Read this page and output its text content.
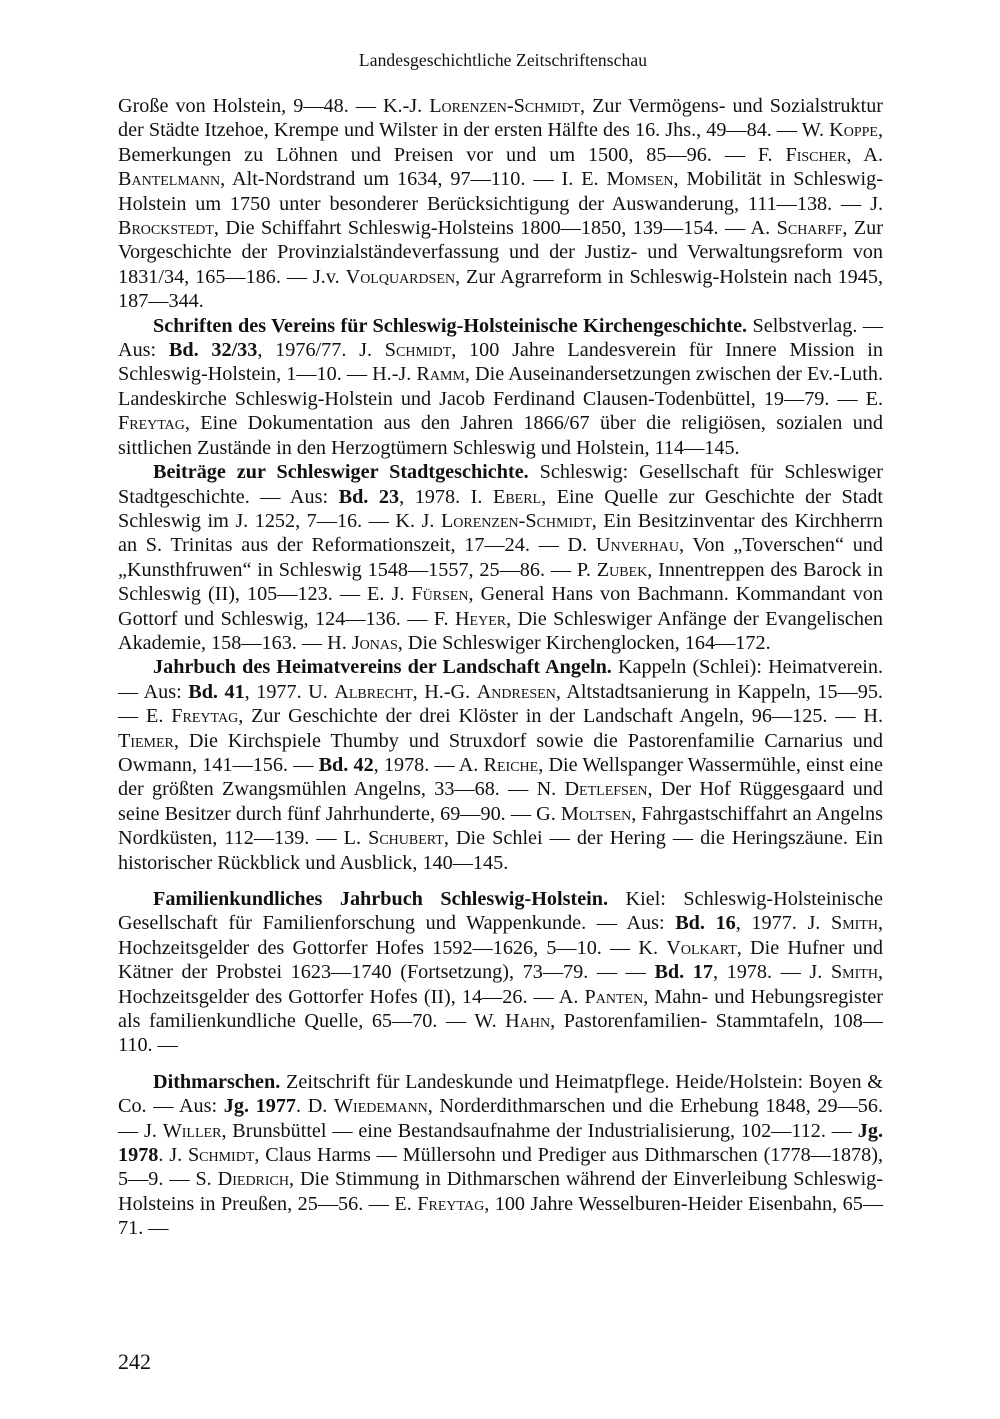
Landesgeschichtliche Zeitschriftenschau

Große von Holstein, 9—48. — K.-J. Lorenzen-Schmidt, Zur Vermögens- und Sozialstruktur der Städte Itzehoe, Krempe und Wilster in der ersten Hälfte des 16. Jhs., 49—84. — W. Koppe, Bemerkungen zu Löhnen und Preisen vor und um 1500, 85—96. — F. Fischer, A. Bantelmann, Alt-Nordstrand um 1634, 97—110. — I. E. Momsen, Mobilität in Schleswig-Holstein um 1750 unter besonderer Berücksichtigung der Auswanderung, 111—138. — J. Brockstedt, Die Schiffahrt Schleswig-Holsteins 1800—1850, 139—154. — A. Scharff, Zur Vorgeschichte der Provinzialständeverfassung und der Justiz- und Verwaltungsreform von 1831/34, 165—186. — J.v. Volquardsen, Zur Agrarreform in Schleswig-Holstein nach 1945, 187—344.

Schriften des Vereins für Schleswig-Holsteinische Kirchengeschichte. Selbstverlag. — Aus: Bd. 32/33, 1976/77. J. Schmidt, 100 Jahre Landesverein für Innere Mission in Schleswig-Holstein, 1—10. — H.-J. Ramm, Die Auseinandersetzungen zwischen der Ev.-Luth. Landeskirche Schleswig-Holstein und Jacob Ferdinand Clausen-Todenbüttel, 19—79. — E. Freytag, Eine Dokumentation aus den Jahren 1866/67 über die religiösen, sozialen und sittlichen Zustände in den Herzogtümern Schleswig und Holstein, 114—145.

Beiträge zur Schleswiger Stadtgeschichte. Schleswig: Gesellschaft für Schleswiger Stadtgeschichte. — Aus: Bd. 23, 1978. I. Eberl, Eine Quelle zur Geschichte der Stadt Schleswig im J. 1252, 7—16. — K. J. Lorenzen-Schmidt, Ein Besitzinventar des Kirchherrn an S. Trinitas aus der Reformationszeit, 17—24. — D. Unverhau, Von „Toverschen“ und „Kunsthfruwen“ in Schleswig 1548—1557, 25—86. — P. Zubek, Innentreppen des Barock in Schleswig (II), 105—123. — E. J. Fürsen, General Hans von Bachmann. Kommandant von Gottorf und Schleswig, 124—136. — F. Heyer, Die Schleswiger Anfänge der Evangelischen Akademie, 158—163. — H. Jonas, Die Schleswiger Kirchenglocken, 164—172.

Jahrbuch des Heimatvereins der Landschaft Angeln. Kappeln (Schlei): Heimatverein. — Aus: Bd. 41, 1977. U. Albrecht, H.-G. Andresen, Altstadtsanierung in Kappeln, 15—95. — E. Freytag, Zur Geschichte der drei Klöster in der Landschaft Angeln, 96—125. — H. Tiemer, Die Kirchspiele Thumby und Struxdorf sowie die Pastorenfamilie Carnarius und Owmann, 141—156. — Bd. 42, 1978. — A. Reiche, Die Wellspanger Wassermühle, einst eine der größten Zwangsmühlen Angelns, 33—68. — N. Detlefsen, Der Hof Rüggesgaard und seine Besitzer durch fünf Jahrhunderte, 69—90. — G. Moltsen, Fahrgastschiffahrt an Angelns Nordküsten, 112—139. — L. Schubert, Die Schlei — der Hering — die Heringszäune. Ein historischer Rückblick und Ausblick, 140—145.

Familienkundliches Jahrbuch Schleswig-Holstein. Kiel: Schleswig-Holsteinische Gesellschaft für Familienforschung und Wappenkunde. — Aus: Bd. 16, 1977. J. Smith, Hochzeitsgelder des Gottorfer Hofes 1592—1626, 5—10. — K. Volkart, Die Hufner und Kätner der Probstei 1623—1740 (Fortsetzung), 73—79. — — Bd. 17, 1978. — J. Smith, Hochzeitsgelder des Gottorfer Hofes (II), 14—26. — A. Panten, Mahn- und Hebungsregister als familienkundliche Quelle, 65—70. — W. Hahn, Pastorenfamilien- Stammtafeln, 108—110. —

Dithmarschen. Zeitschrift für Landeskunde und Heimatpflege. Heide/Holstein: Boyen & Co. — Aus: Jg. 1977. D. Wiedemann, Norderdithmarschen und die Erhebung 1848, 29—56. — J. Willer, Brunsbüttel — eine Bestandsaufnahme der Industrialisierung, 102—112. — Jg. 1978. J. Schmidt, Claus Harms — Müllersohn und Prediger aus Dithmarschen (1778—1878), 5—9. — S. Diedrich, Die Stimmung in Dithmarschen während der Einverleibung Schleswig-Holsteins in Preußen, 25—56. — E. Freytag, 100 Jahre Wesselburen-Heider Eisenbahn, 65—71. —

242
